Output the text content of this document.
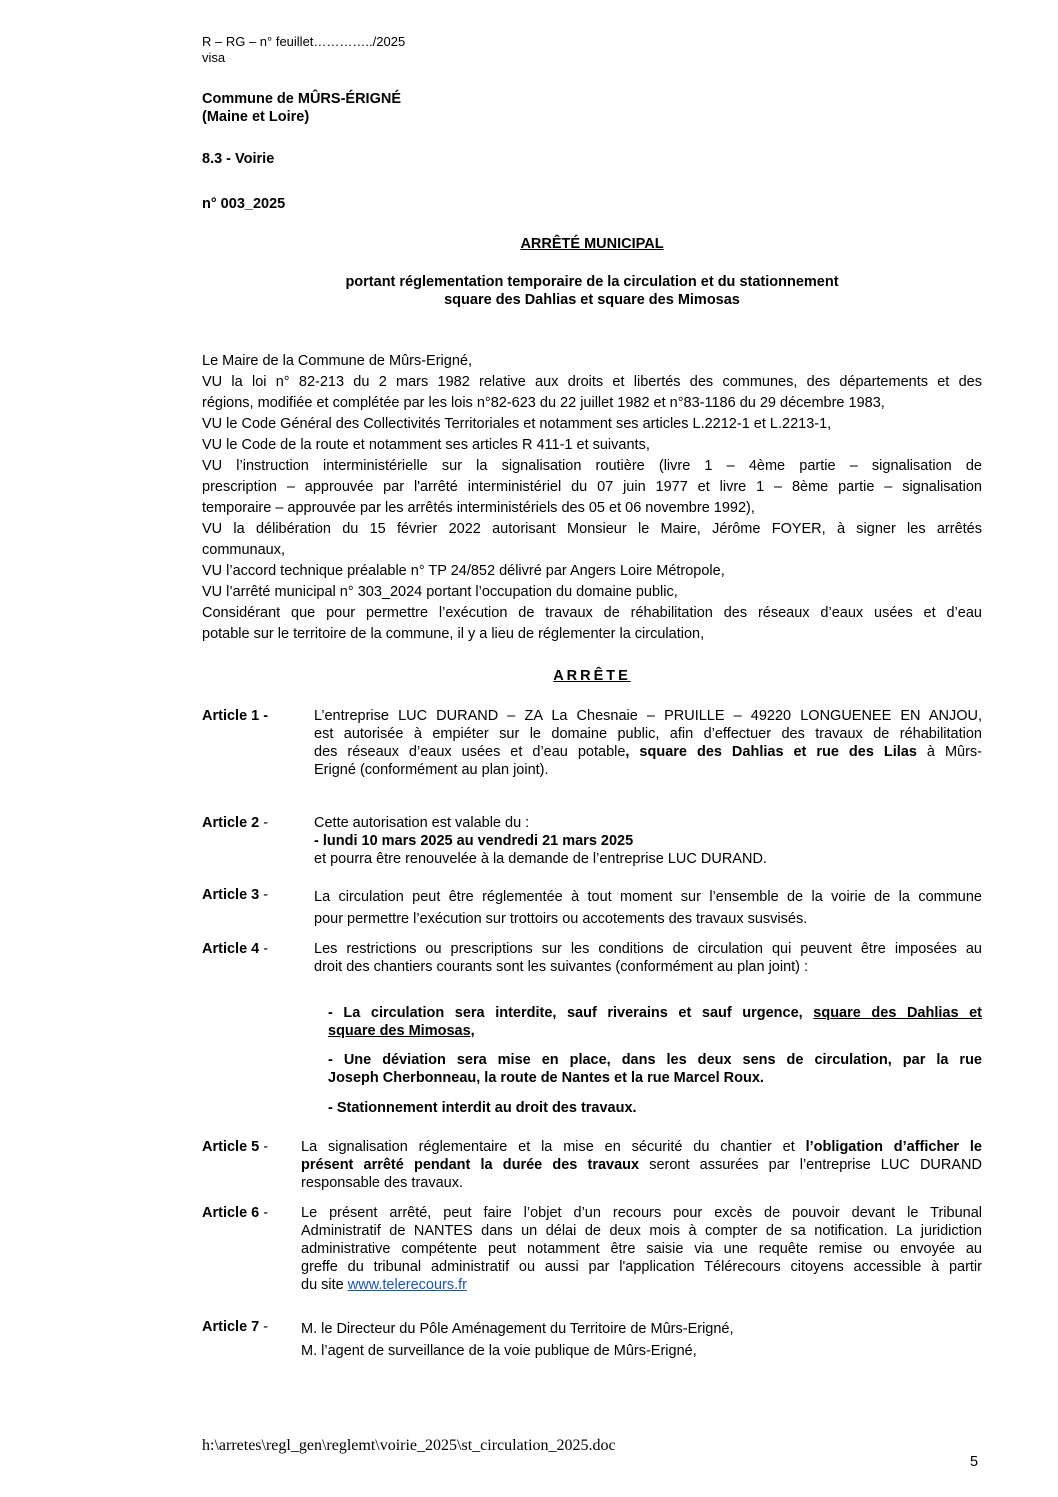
R – RG – n° feuillet…………../2025
visa
Commune de MÛRS-ÉRIGNÉ
(Maine et Loire)
8.3 - Voirie
n° 003_2025
ARRÊTÉ MUNICIPAL
portant réglementation temporaire de la circulation et du stationnement
square des Dahlias et square des Mimosas
Le Maire de la Commune de Mûrs-Erigné,
VU la loi n° 82-213 du 2 mars 1982 relative aux droits et libertés des communes, des départements et des
régions, modifiée et complétée par les lois n°82-623 du 22 juillet 1982 et n°83-1186 du 29 décembre 1983,
VU le Code Général des Collectivités Territoriales et notamment ses articles L.2212-1 et L.2213-1,
VU le Code de la route et notamment ses articles R 411-1 et suivants,
VU l’instruction interministérielle sur la signalisation routière (livre 1 – 4ème partie – signalisation de
prescription – approuvée par l'arrêté interministériel du 07 juin 1977 et livre 1 – 8ème partie – signalisation
temporaire – approuvée par les arrêtés interministériels des 05 et 06 novembre 1992),
VU la délibération du 15 février 2022 autorisant Monsieur le Maire, Jérôme FOYER, à signer les arrêtés
communaux,
VU l’accord technique préalable n° TP 24/852 délivré par Angers Loire Métropole,
VU l’arrêté municipal n° 303_2024 portant l’occupation du domaine public,
Considérant que pour permettre l’exécution de travaux de réhabilitation des réseaux d’eaux usées et d’eau
potable sur le territoire de la commune, il y a lieu de réglementer la circulation,
ARRÊTE
Article 1 -	L’entreprise LUC DURAND – ZA La Chesnaie – PRUILLE – 49220 LONGUENEE EN ANJOU,
est autorisée à empiéter sur le domaine public, afin d’effectuer des travaux de réhabilitation
des réseaux d’eaux usées et d’eau potable, square des Dahlias et rue des Lilas à Mûrs-
Erigné (conformément au plan joint).
Article 2 -	Cette autorisation est valable du :
- lundi 10 mars 2025 au vendredi 21 mars 2025
et pourra être renouvelée à la demande de l’entreprise LUC DURAND.
Article 3 -	La circulation peut être réglementée à tout moment sur l’ensemble de la voirie de la commune
pour permettre l’exécution sur trottoirs ou accotements des travaux susvisés.
Article 4 -	Les restrictions ou prescriptions sur les conditions de circulation qui peuvent être imposées au
droit des chantiers courants sont les suivantes (conformément au plan joint) :
- La circulation sera interdite, sauf riverains et sauf urgence, square des Dahlias et
square des Mimosas,
- Une déviation sera mise en place, dans les deux sens de circulation, par la rue
Joseph Cherbonneau, la route de Nantes et la rue Marcel Roux.
- Stationnement interdit au droit des travaux.
Article 5 - La signalisation réglementaire et la mise en sécurité du chantier et l’obligation d’afficher le
présent arrêté pendant la durée des travaux seront assurées par l’entreprise LUC DURAND
responsable des travaux.
Article 6 - Le présent arrêté, peut faire l’objet d’un recours pour excès de pouvoir devant le Tribunal
Administratif de NANTES dans un délai de deux mois à compter de sa notification. La juridiction
administrative compétente peut notamment être saisie via une requête remise ou envoyée au
greffe du tribunal administratif ou aussi par l'application Télérecours citoyens accessible à partir
du site www.telerecours.fr
Article 7 - M. le Directeur du Pôle Aménagement du Territoire de Mûrs-Erigné,
M. l’agent de surveillance de la voie publique de Mûrs-Erigné,
h:\arretes\regl_gen\reglemt\voirie_2025\st_circulation_2025.doc
5
